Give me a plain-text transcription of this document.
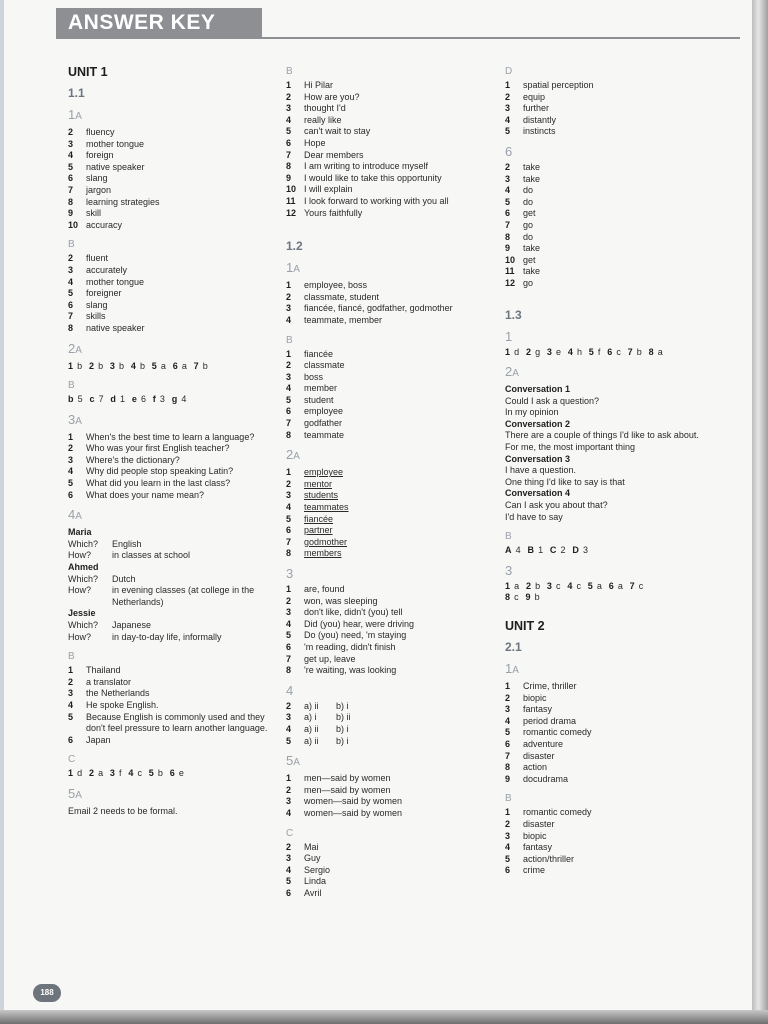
ANSWER KEY
UNIT 1
1.1
1A
2	fluency
3	mother tongue
4	foreign
5	native speaker
6	slang
7	jargon
8	learning strategies
9	skill
10 accuracy
B
2	fluent
3	accurately
4	mother tongue
5	foreigner
6	slang
7	skills
8	native speaker
2A
1 b 2 b 3 b 4 b 5 a 6 a 7 b
B
b 5 c 7 d 1 e 6 f 3 g 4
3A
1	When's the best time to learn a language?
2	Who was your first English teacher?
3	Where's the dictionary?
4	Why did people stop speaking Latin?
5	What did you learn in the last class?
6	What does your name mean?
4A
Maria
Which?	English
How?	in classes at school
Ahmed
Which?	Dutch
How?	in evening classes (at college in the Netherlands)
Jessie
Which?	Japanese
How?	in day-to-day life, informally
B
1	Thailand
2	a translator
3	the Netherlands
4	He spoke English.
5	Because English is commonly used and they don't feel pressure to learn another language.
6	Japan
C
1 d 2 a 3 f 4 c 5 b 6 e
5A
Email 2 needs to be formal.
B
1	Hi Pilar
2	How are you?
3	thought I'd
4	really like
5	can't wait to stay
6	Hope
7	Dear members
8	I am writing to introduce myself
9	I would like to take this opportunity
10 I will explain
11 I look forward to working with you all
12 Yours faithfully
1.2
1A
1	employee, boss
2	classmate, student
3	fiancée, fiancé, godfather, godmother
4	teammate, member
B
1	fiancée
2	classmate
3	boss
4	member
5	student
6	employee
7	godfather
8	teammate
2A
1	employee
2	mentor
3	students
4	teammates
5	fiancée
6	partner
7	godmother
8	members
3
1	are, found
2	won, was sleeping
3	don't like, didn't (you) tell
4	Did (you) hear, were driving
5	Do (you) need, 'm staying
6	'm reading, didn't finish
7	get up, leave
8	're waiting, was looking
4
2	a) ii b) i
3	a) i b) ii
4	a) ii b) i
5	a) ii b) i
5A
1	men—said by women
2	men—said by women
3	women—said by women
4	women—said by women
C
2	Mai
3	Guy
4	Sergio
5	Linda
6	Avril
D
1	spatial perception
2	equip
3	further
4	distantly
5	instincts
6
2	take
3	take
4	do
5	do
6	get
7	go
8	do
9	take
10 get
11 take
12 go
1.3
1
1 d 2 g 3 e 4 h 5 f 6 c 7 b 8 a
2A
Conversation 1
Could I ask a question?
In my opinion
Conversation 2
There are a couple of things I'd like to ask about.
For me, the most important thing
Conversation 3
I have a question.
One thing I'd like to say is that
Conversation 4
Can I ask you about that?
I'd have to say
B
A 4 B 1 C 2 D 3
3
1 a 2 b 3 c 4 c 5 a 6 a 7 c
8 c 9 b
UNIT 2
2.1
1A
1	Crime, thriller
2	biopic
3	fantasy
4	period drama
5	romantic comedy
6	adventure
7	disaster
8	action
9	docudrama
B
1	romantic comedy
2	disaster
3	biopic
4	fantasy
5	action/thriller
6	crime
188
